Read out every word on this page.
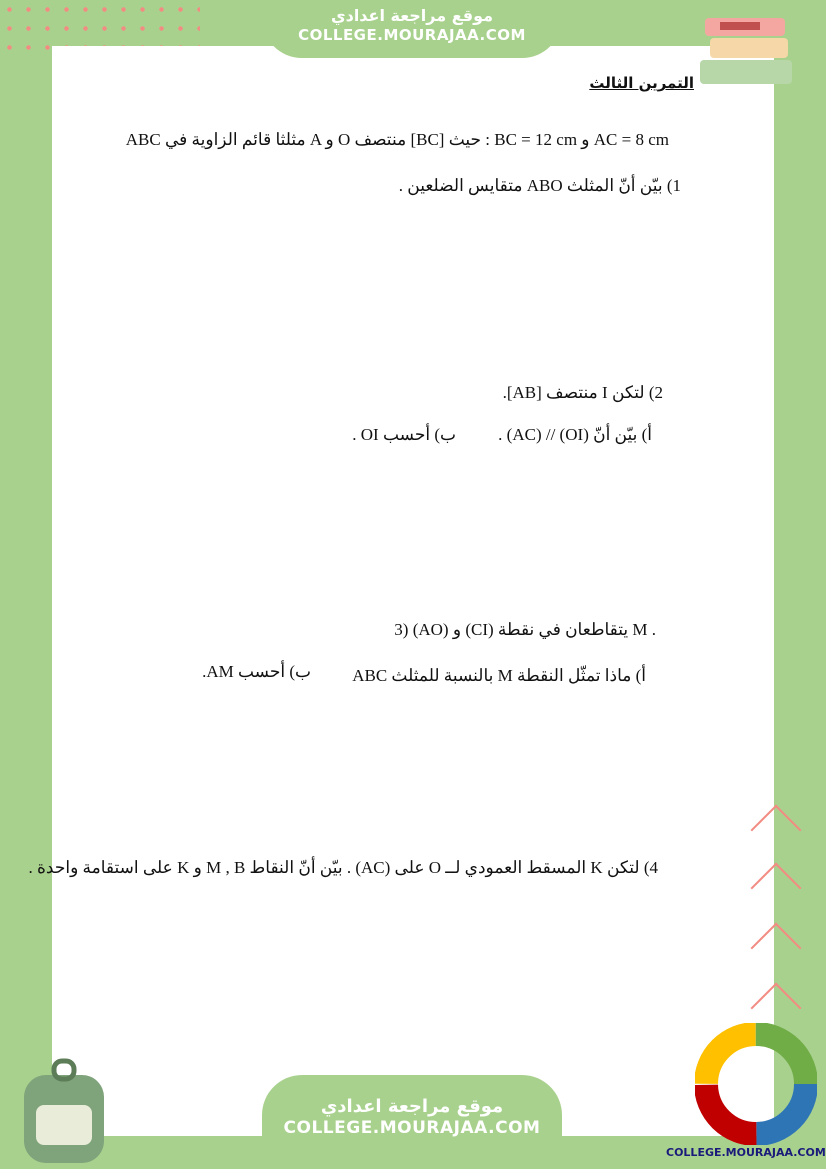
موقع مراجعة اعدادي
COLLEGE.MOURAJAA.COM
التمرين الثالث
ABC مثلثا قائم الزاوية في A و O منتصف [BC] حيث : BC = 12 cm و AC = 8 cm
1) بيّن أنّ المثلث ABO متقايس الضلعين .
2) لتكن I منتصف [AB].
أ) بيّن أنّ (OI) // (AC) .
ب) أحسب OI .
3) (AO) و (CI) يتقاطعان في نقطة M .
أ) ماذا تمثّل النقطة M بالنسبة للمثلث ABC
ب) أحسب AM.
4) لتكن K المسقط العمودي لــ O على (AC) . بيّن أنّ النقاط M , B و K على استقامة واحدة .
موقع مراجعة اعدادي
COLLEGE.MOURAJAA.COM
COLLEGE.MOURAJAA.COM
